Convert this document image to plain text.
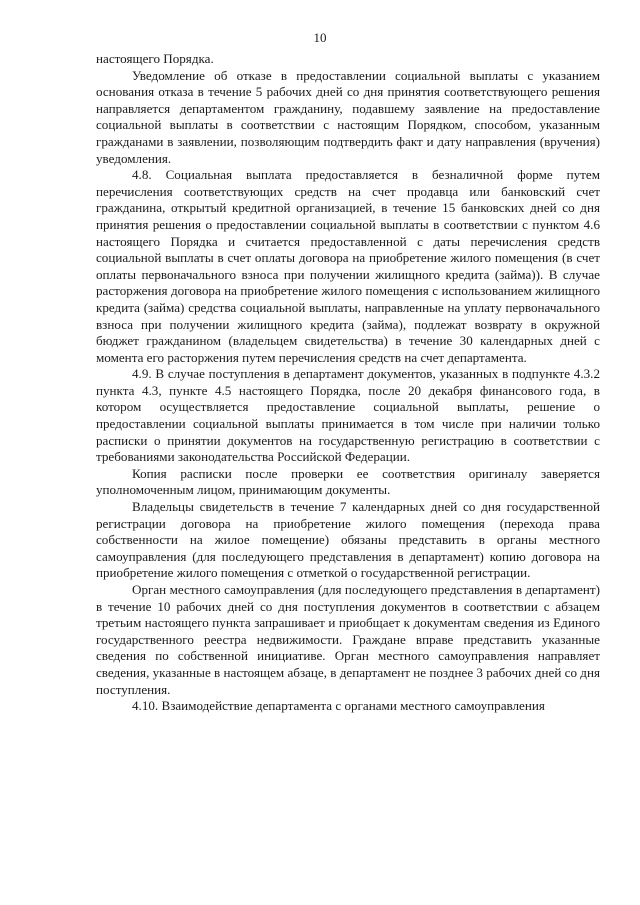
10

настоящего Порядка.

Уведомление об отказе в предоставлении социальной выплаты с указанием основания отказа в течение 5 рабочих дней со дня принятия соответствующего решения направляется департаментом гражданину, подавшему заявление на предоставление социальной выплаты в соответствии с настоящим Порядком, способом, указанным гражданами в заявлении, позволяющим подтвердить факт и дату направления (вручения) уведомления.

4.8. Социальная выплата предоставляется в безналичной форме путем перечисления соответствующих средств на счет продавца или банковский счет гражданина, открытый кредитной организацией, в течение 15 банковских дней со дня принятия решения о предоставлении социальной выплаты в соответствии с пунктом 4.6 настоящего Порядка и считается предоставленной с даты перечисления средств социальной выплаты в счет оплаты договора на приобретение жилого помещения (в счет оплаты первоначального взноса при получении жилищного кредита (займа)). В случае расторжения договора на приобретение жилого помещения с использованием жилищного кредита (займа) средства социальной выплаты, направленные на уплату первоначального взноса при получении жилищного кредита (займа), подлежат возврату в окружной бюджет гражданином (владельцем свидетельства) в течение 30 календарных дней с момента его расторжения путем перечисления средств на счет департамента.

4.9. В случае поступления в департамент документов, указанных в подпункте 4.3.2 пункта 4.3, пункте 4.5 настоящего Порядка, после 20 декабря финансового года, в котором осуществляется предоставление социальной выплаты, решение о предоставлении социальной выплаты принимается в том числе при наличии только расписки о принятии документов на государственную регистрацию в соответствии с требованиями законодательства Российской Федерации.

Копия расписки после проверки ее соответствия оригиналу заверяется уполномоченным лицом, принимающим документы.

Владельцы свидетельств в течение 7 календарных дней со дня государственной регистрации договора на приобретение жилого помещения (перехода права собственности на жилое помещение) обязаны представить в органы местного самоуправления (для последующего представления в департамент) копию договора на приобретение жилого помещения с отметкой о государственной регистрации.

Орган местного самоуправления (для последующего представления в департамент) в течение 10 рабочих дней со дня поступления документов в соответствии с абзацем третьим настоящего пункта запрашивает и приобщает к документам сведения из Единого государственного реестра недвижимости. Граждане вправе представить указанные сведения по собственной инициативе. Орган местного самоуправления направляет сведения, указанные в настоящем абзаце, в департамент не позднее 3 рабочих дней со дня поступления.

4.10. Взаимодействие департамента с органами местного самоуправления
